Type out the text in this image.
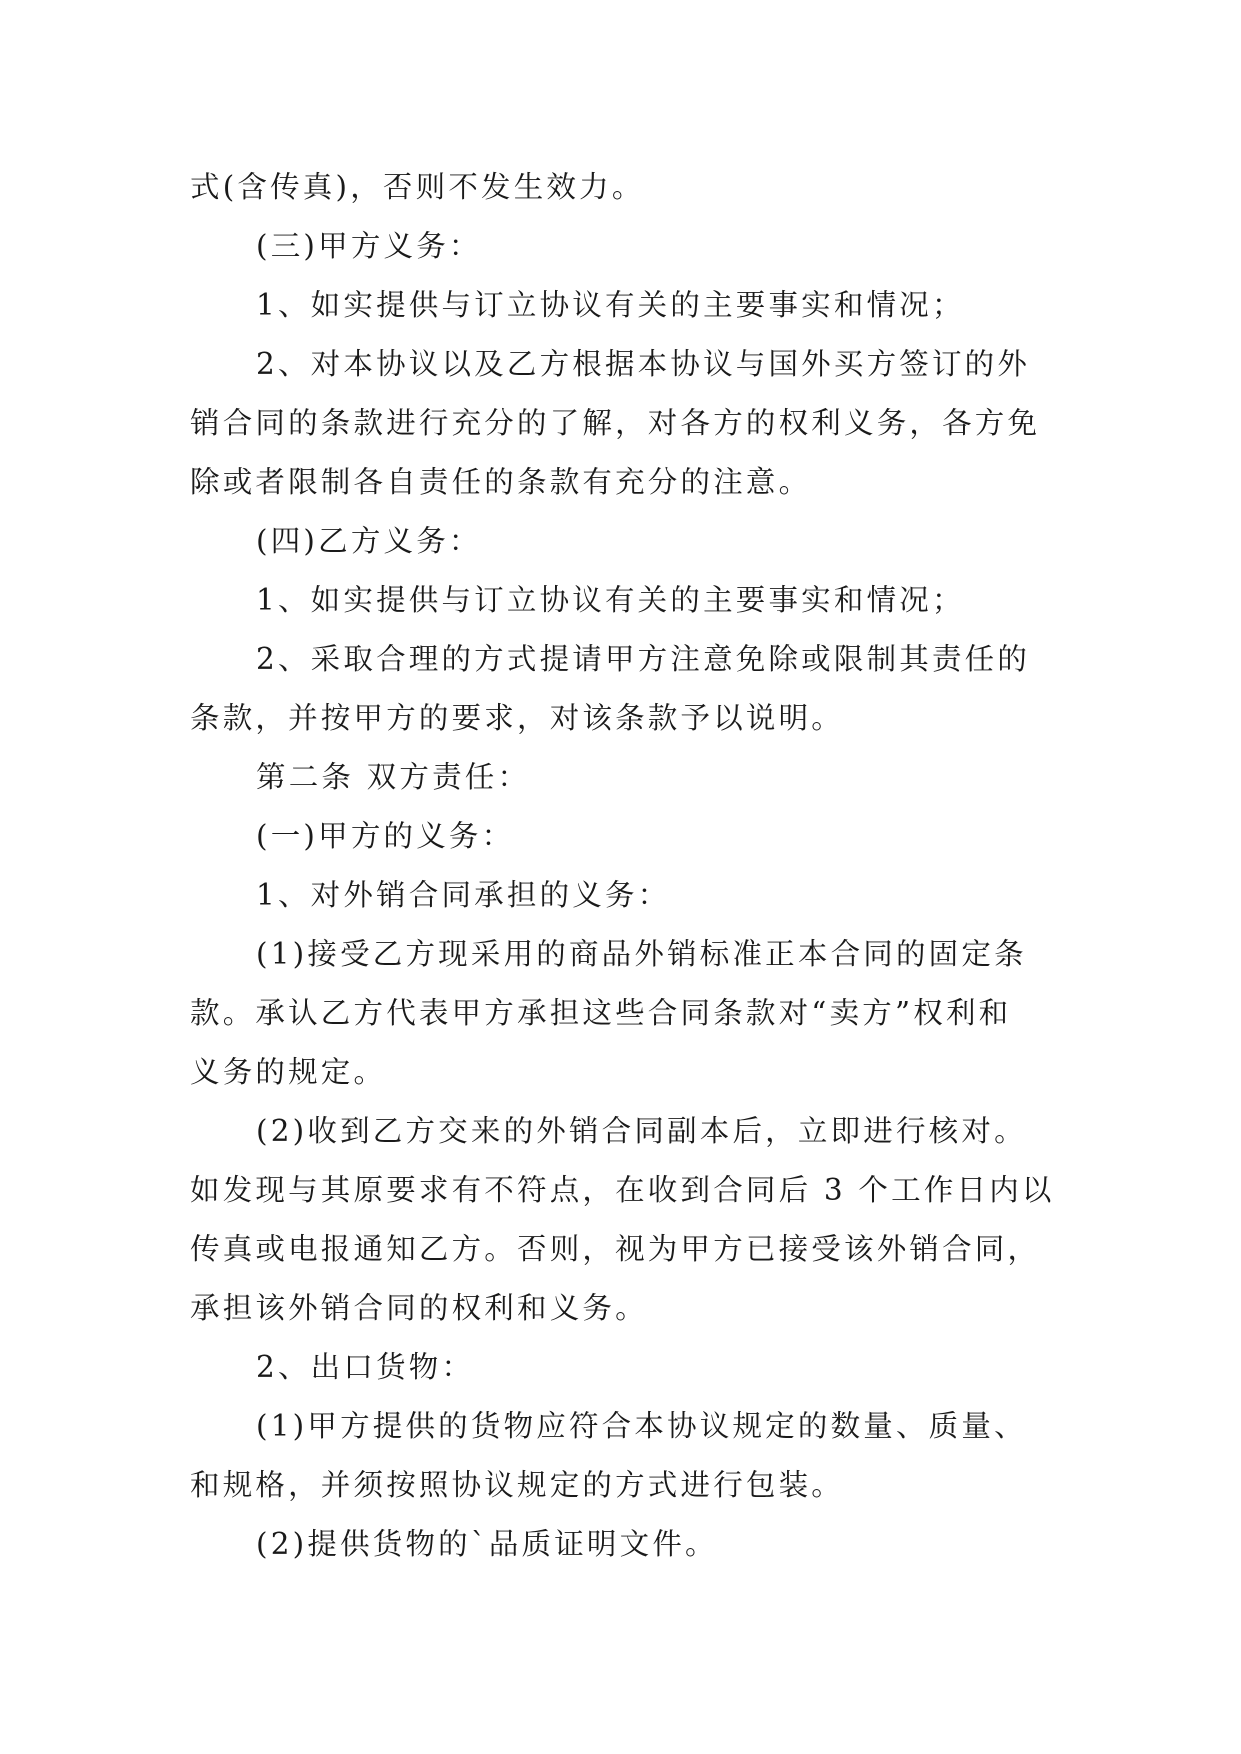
式(含传真)，否则不发生效力。
(三)甲方义务：
1、如实提供与订立协议有关的主要事实和情况；
2、对本协议以及乙方根据本协议与国外买方签订的外
销合同的条款进行充分的了解，对各方的权利义务，各方免
除或者限制各自责任的条款有充分的注意。
(四)乙方义务：
1、如实提供与订立协议有关的主要事实和情况；
2、采取合理的方式提请甲方注意免除或限制其责任的
条款，并按甲方的要求，对该条款予以说明。
第二条 双方责任：
(一)甲方的义务：
1、对外销合同承担的义务：
(1)接受乙方现采用的商品外销标准正本合同的固定条
款。承认乙方代表甲方承担这些合同条款对“卖方”权利和
义务的规定。
(2)收到乙方交来的外销合同副本后，立即进行核对。
如发现与其原要求有不符点，在收到合同后 3 个工作日内以
传真或电报通知乙方。否则，视为甲方已接受该外销合同，
承担该外销合同的权利和义务。
2、出口货物：
(1)甲方提供的货物应符合本协议规定的数量、质量、
和规格，并须按照协议规定的方式进行包装。
(2)提供货物的`品质证明文件。
